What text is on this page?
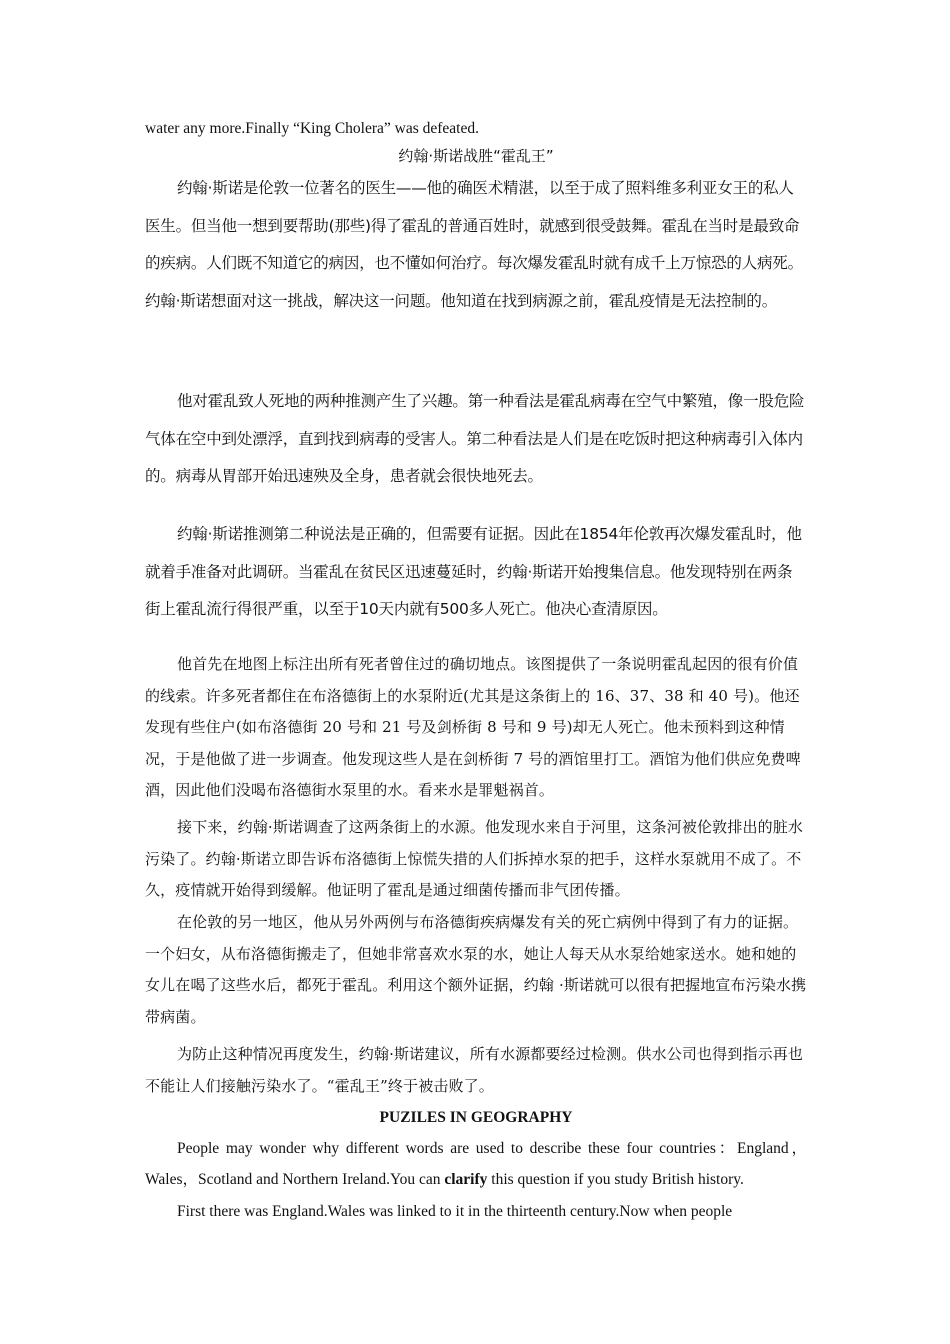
water any more.Finally “King Cholera” was defeated.

约翰·斯诺战胜“霍乱王”

约翰·斯诺是伦敦一位著名的医生——他的确医术精湛，以至于成了照料维多利亚女王的私人医生。但当他一想到要帮助(那些)得了霍乱的普通百姓时，就感到很受鼓舞。霍乱在当时是最致命的疾病。人们既不知道它的病因，也不懂如何治疗。每次爆发霍乱时就有成千上万惊恐的人病死。约翰·斯诺想面对这一挑战，解决这一问题。他知道在找到病源之前，霍乱疫情是无法控制的。

他对霍乱致人死地的两种推测产生了兴趣。第一种看法是霍乱病毒在空气中繁殖，像一股危险气体在空中到处漂浮，直到找到病毒的受害人。第二种看法是人们是在吃饭时把这种病毒引入体内的。病毒从胃部开始迅速殃及全身，患者就会很快地死去。

约翰·斯诺推测第二种说法是正确的，但需要有证据。因此在1854年伦敦再次爆发霍乱时，他就着手准备对此调研。当霍乱在贫民区迅速蔓延时，约翰·斯诺开始搜集信息。他发现特别在两条街上霍乱流行得很严重，以至于10天内就有500多人死亡。他决心查清原因。

他首先在地图上标注出所有死者曾住过的确切地点。该图提供了一条说明霍乱起因的很有价值的线索。许多死者都住在布洛德街上的水泵附近(尤其是这条街上的 16、37、38 和 40 号)。他还发现有些住户(如布洛德街 20 号和 21 号及剑桥街 8 号和 9 号)却无人死亡。他未预料到这种情况，于是他做了进一步调查。他发现这些人是在剑桥街 7 号的酒馆里打工。酒馆为他们供应免费啤酒，因此他们没喝布洛德街水泵里的水。看来水是罪魁祸首。

接下来，约翰·斯诺调查了这两条街上的水源。他发现水来自于河里，这条河被伦敦排出的脏水污染了。约翰·斯诺立即告诉布洛德街上惊慌失措的人们拆掉水泵的把手，这样水泵就用不成了。不久，疫情就开始得到缓解。他证明了霍乱是通过细菌传播而非气团传播。

在伦敦的另一地区，他从另外两例与布洛德街疾病爆发有关的死亡病例中得到了有力的证据。一个妇女，从布洛德街搬走了，但她非常喜欢水泵的水，她让人每天从水泵给她家送水。她和她的女儿在喝了这些水后，都死于霍乱。利用这个额外证据，约翰 ·斯诺就可以很有把握地宣布污染水携带病菌。

为防止这种情况再度发生，约翰·斯诺建议，所有水源都要经过检测。供水公司也得到指示再也不能让人们接触污染水了。“霍乱王”终于被击败了。

PUZILES IN GEOGRAPHY

People may wonder why different words are used to describe these four countries：England，Wales，Scotland and Northern Ireland.You can clarify this question if you study British history.

First there was England.Wales was linked to it in the thirteenth century.Now when people
